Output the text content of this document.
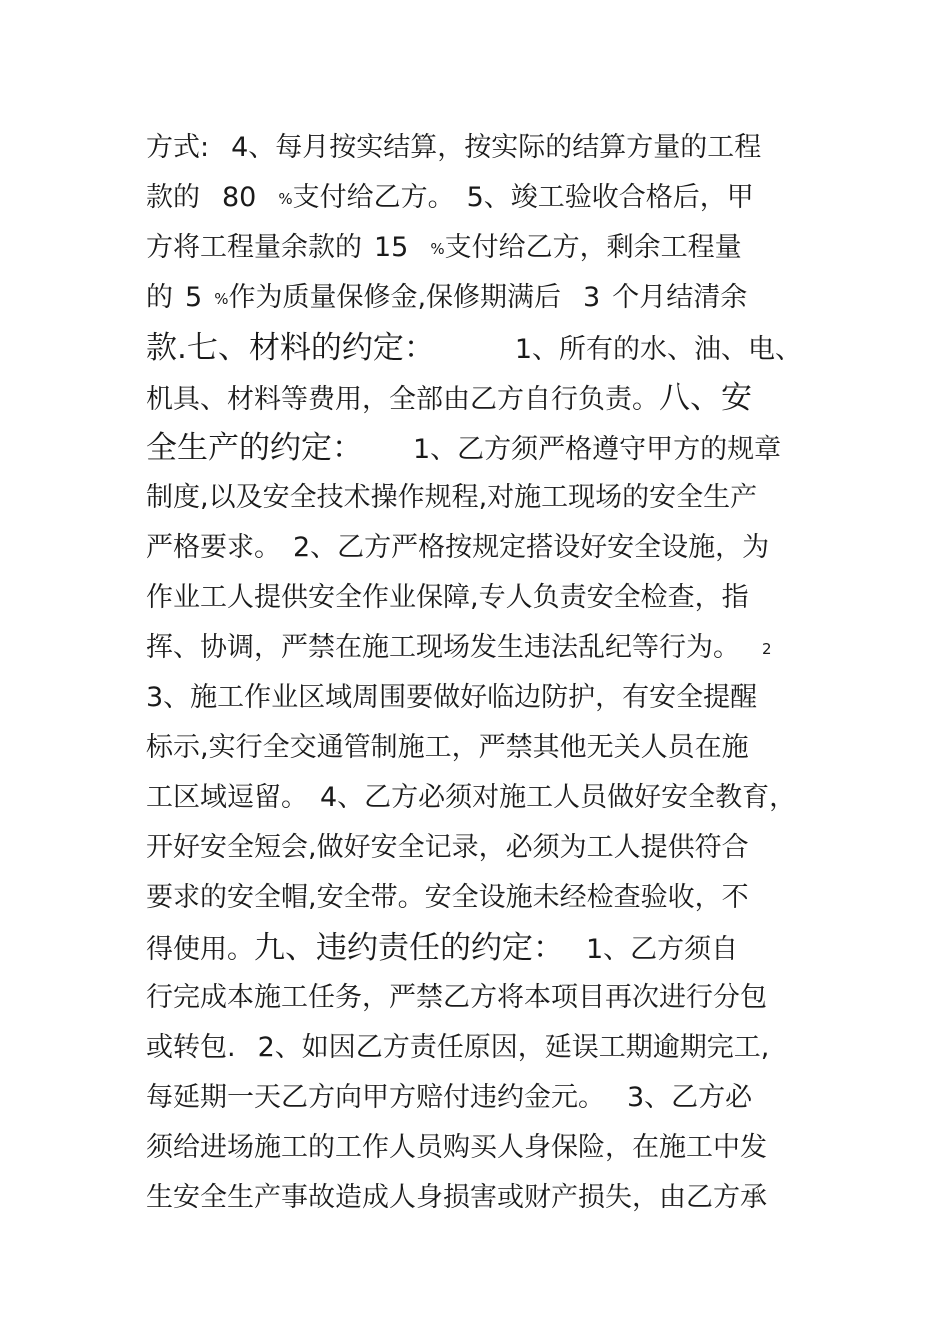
方式: 4、每月按实结算，按实际的结算方量的工程
款的 80 %支付给乙方。 5、竣工验收合格后，甲
方将工程量余款的 15 %支付给乙方，剩余工程量
的 5 %作为质量保修金,保修期满后 3 个月结清余
款.七、材料的约定：	1、所有的水、油、电、
机具、材料等费用，全部由乙方自行负责。八、安
全生产的约定： 1、乙方须严格遵守甲方的规章
制度,以及安全技术操作规程,对施工现场的安全生产
严格要求。 2、乙方严格按规定搭设好安全设施，为
作业工人提供安全作业保障,专人负责安全检查，指
挥、协调，严禁在施工现场发生违法乱纪等行为。 2
3、施工作业区域周围要做好临边防护，有安全提醒
标示,实行全交通管制施工，严禁其他无关人员在施
工区域逗留。 4、乙方必须对施工人员做好安全教育，
开好安全短会,做好安全记录，必须为工人提供符合
要求的安全帽,安全带。安全设施未经检查验收，不
得使用。九、违约责任的约定： 1、乙方须自
行完成本施工任务，严禁乙方将本项目再次进行分包
或转包. 2、如因乙方责任原因，延误工期逾期完工,
每延期一天乙方向甲方赔付违约金元。 3、乙方必
须给进场施工的工作人员购买人身保险，在施工中发
生安全生产事故造成人身损害或财产损失，由乙方承
